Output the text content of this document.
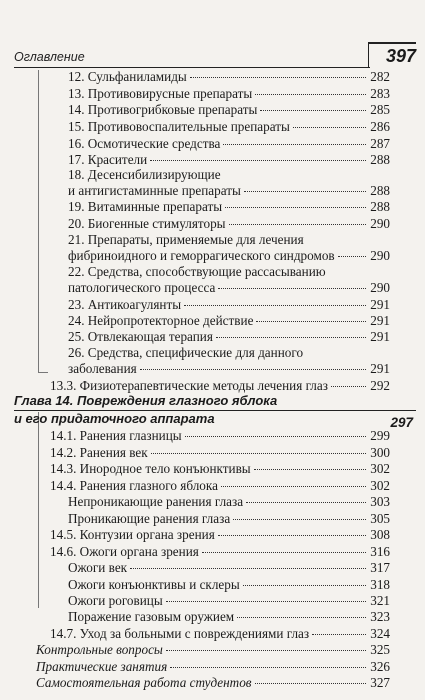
Оглавление	397
12. Сульфаниламиды	282
13. Противовирусные препараты	283
14. Противогрибковые препараты	285
15. Противовоспалительные препараты	286
16. Осмотические средства	287
17. Красители	288
18. Десенсибилизирующие
и антигистаминные препараты	288
19. Витаминные препараты	288
20. Биогенные стимуляторы	290
21. Препараты, применяемые для лечения
фибриноидного и геморрагического синдромов	290
22. Средства, способствующие рассасыванию
патологического процесса	290
23. Антикоагулянты	291
24. Нейропротекторное действие	291
25. Отвлекающая терапия	291
26. Средства, специфические для данного
заболевания	291
13.3. Физиотерапевтические методы лечения глаз	292
Глава 14. Повреждения глазного яблока
и его придаточного аппарата	297
14.1. Ранения глазницы	299
14.2. Ранения век	300
14.3. Инородное тело конъюнктивы	302
14.4. Ранения глазного яблока	302
Непроникающие ранения глаза	303
Проникающие ранения глаза	305
14.5. Контузии органа зрения	308
14.6. Ожоги органа зрения	316
Ожоги век	317
Ожоги конъюнктивы и склеры	318
Ожоги роговицы	321
Поражение газовым оружием	323
14.7. Уход за больными с повреждениями глаз	324
Контрольные вопросы	325
Практические занятия	326
Самостоятельная работа студентов	327
